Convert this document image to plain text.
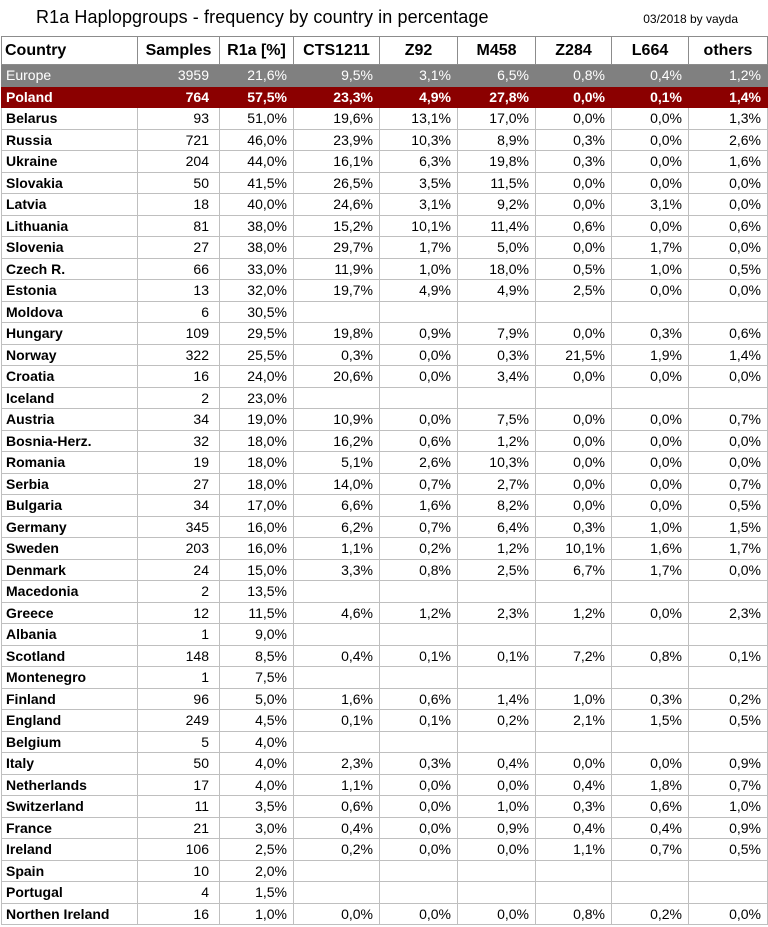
R1a Haplopgroups - frequency by country in percentage	03/2018 by vayda
Country	Samples	R1a [%]	CTS1211	Z92	M458	Z284	L664	others
Europe	3959	21,6%	9,5%	3,1%	6,5%	0,8%	0,4%	1,2%
Poland	764	57,5%	23,3%	4,9%	27,8%	0,0%	0,1%	1,4%
Belarus	93	51,0%	19,6%	13,1%	17,0%	0,0%	0,0%	1,3%
Russia	721	46,0%	23,9%	10,3%	8,9%	0,3%	0,0%	2,6%
Ukraine	204	44,0%	16,1%	6,3%	19,8%	0,3%	0,0%	1,6%
Slovakia	50	41,5%	26,5%	3,5%	11,5%	0,0%	0,0%	0,0%
Latvia	18	40,0%	24,6%	3,1%	9,2%	0,0%	3,1%	0,0%
Lithuania	81	38,0%	15,2%	10,1%	11,4%	0,6%	0,0%	0,6%
Slovenia	27	38,0%	29,7%	1,7%	5,0%	0,0%	1,7%	0,0%
Czech R.	66	33,0%	11,9%	1,0%	18,0%	0,5%	1,0%	0,5%
Estonia	13	32,0%	19,7%	4,9%	4,9%	2,5%	0,0%	0,0%
Moldova	6	30,5%						
Hungary	109	29,5%	19,8%	0,9%	7,9%	0,0%	0,3%	0,6%
Norway	322	25,5%	0,3%	0,0%	0,3%	21,5%	1,9%	1,4%
Croatia	16	24,0%	20,6%	0,0%	3,4%	0,0%	0,0%	0,0%
Iceland	2	23,0%						
Austria	34	19,0%	10,9%	0,0%	7,5%	0,0%	0,0%	0,7%
Bosnia-Herz.	32	18,0%	16,2%	0,6%	1,2%	0,0%	0,0%	0,0%
Romania	19	18,0%	5,1%	2,6%	10,3%	0,0%	0,0%	0,0%
Serbia	27	18,0%	14,0%	0,7%	2,7%	0,0%	0,0%	0,7%
Bulgaria	34	17,0%	6,6%	1,6%	8,2%	0,0%	0,0%	0,5%
Germany	345	16,0%	6,2%	0,7%	6,4%	0,3%	1,0%	1,5%
Sweden	203	16,0%	1,1%	0,2%	1,2%	10,1%	1,6%	1,7%
Denmark	24	15,0%	3,3%	0,8%	2,5%	6,7%	1,7%	0,0%
Macedonia	2	13,5%						
Greece	12	11,5%	4,6%	1,2%	2,3%	1,2%	0,0%	2,3%
Albania	1	9,0%						
Scotland	148	8,5%	0,4%	0,1%	0,1%	7,2%	0,8%	0,1%
Montenegro	1	7,5%						
Finland	96	5,0%	1,6%	0,6%	1,4%	1,0%	0,3%	0,2%
England	249	4,5%	0,1%	0,1%	0,2%	2,1%	1,5%	0,5%
Belgium	5	4,0%						
Italy	50	4,0%	2,3%	0,3%	0,4%	0,0%	0,0%	0,9%
Netherlands	17	4,0%	1,1%	0,0%	0,0%	0,4%	1,8%	0,7%
Switzerland	11	3,5%	0,6%	0,0%	1,0%	0,3%	0,6%	1,0%
France	21	3,0%	0,4%	0,0%	0,9%	0,4%	0,4%	0,9%
Ireland	106	2,5%	0,2%	0,0%	0,0%	1,1%	0,7%	0,5%
Spain	10	2,0%						
Portugal	4	1,5%						
Northen Ireland	16	1,0%	0,0%	0,0%	0,0%	0,8%	0,2%	0,0%
